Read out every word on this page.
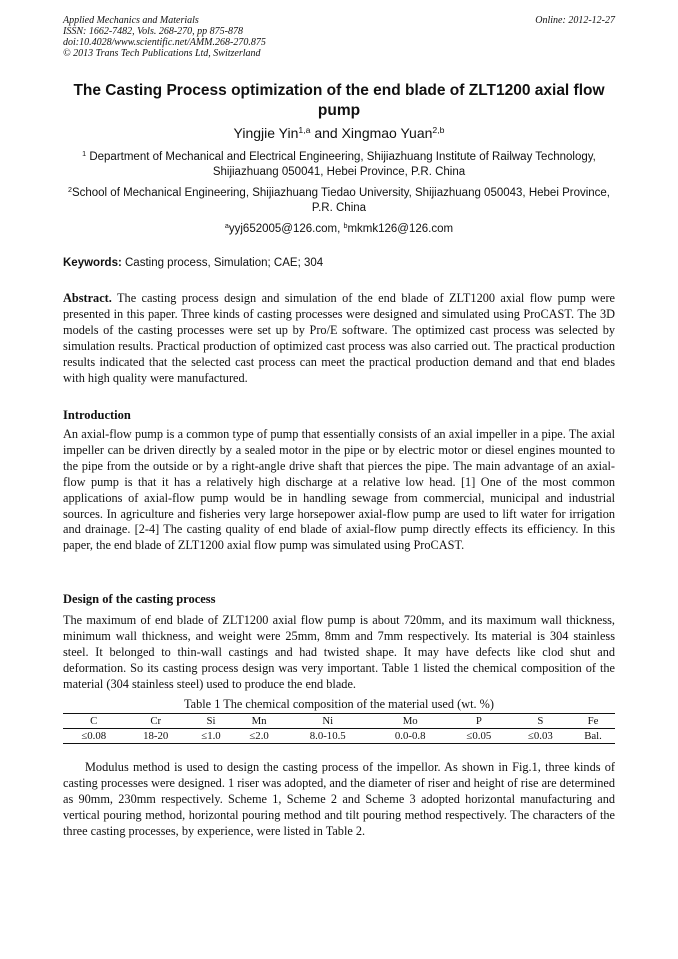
Applied Mechanics and Materials
ISSN: 1662-7482, Vols. 268-270, pp 875-878
doi:10.4028/www.scientific.net/AMM.268-270.875
© 2013 Trans Tech Publications Ltd, Switzerland
Online: 2012-12-27
The Casting Process optimization of the end blade of ZLT1200 axial flow pump
Yingjie Yin$^{1,a}$ and Xingmao Yuan$^{2,b}$
$^1$ Department of Mechanical and Electrical Engineering, Shijiazhuang Institute of Railway Technology, Shijiazhuang 050041, Hebei Province, P.R. China
$^2$School of Mechanical Engineering, Shijiazhuang Tiedao University, Shijiazhuang 050043, Hebei Province, P.R. China
$^a$yyj652005@126.com, $^b$mkmk126@126.com
Keywords: Casting process, Simulation; CAE; 304
Abstract. The casting process design and simulation of the end blade of ZLT1200 axial flow pump were presented in this paper. Three kinds of casting processes were designed and simulated using ProCAST. The 3D models of the casting processes were set up by Pro/E software. The optimized cast process was selected by simulation results. Practical production of optimized cast process was also carried out. The practical production results indicated that the selected cast process can meet the practical production demand and that end blades with high quality were manufactured.
Introduction
An axial-flow pump is a common type of pump that essentially consists of an axial impeller in a pipe. The axial impeller can be driven directly by a sealed motor in the pipe or by electric motor or diesel engines mounted to the pipe from the outside or by a right-angle drive shaft that pierces the pipe. The main advantage of an axial-flow pump is that it has a relatively high discharge at a relative low head. [1] One of the most common applications of axial-flow pump would be in handling sewage from commercial, municipal and industrial sources. In agriculture and fisheries very large horsepower axial-flow pump are used to lift water for irrigation and drainage. [2-4] The casting quality of end blade of axial-flow pump directly effects its efficiency. In this paper, the end blade of ZLT1200 axial flow pump was simulated using ProCAST.
Design of the casting process
The maximum of end blade of ZLT1200 axial flow pump is about 720mm, and its maximum wall thickness, minimum wall thickness, and weight were 25mm, 8mm and 7mm respectively. Its material is 304 stainless steel. It belonged to thin-wall castings and had twisted shape. It may have defects like clod shut and deformation. So its casting process design was very important. Table 1 listed the chemical composition of the material (304 stainless steel) used to produce the end blade.
Table 1 The chemical composition of the material used (wt. %)
C	Cr	Si	Mn	Ni	Mo	P	S	Fe
≤0.08	18-20	≤1.0	≤2.0	8.0-10.5	0.0-0.8	≤0.05	≤0.03	Bal.
Modulus method is used to design the casting process of the impellor. As shown in Fig.1, three kinds of casting processes were designed. 1 riser was adopted, and the diameter of riser and height of rise are determined as 90mm, 230mm respectively. Scheme 1, Scheme 2 and Scheme 3 adopted horizontal manufacturing and vertical pouring method, horizontal pouring method and tilt pouring method respectively. The characters of the three casting processes, by experience, were listed in Table 2.
